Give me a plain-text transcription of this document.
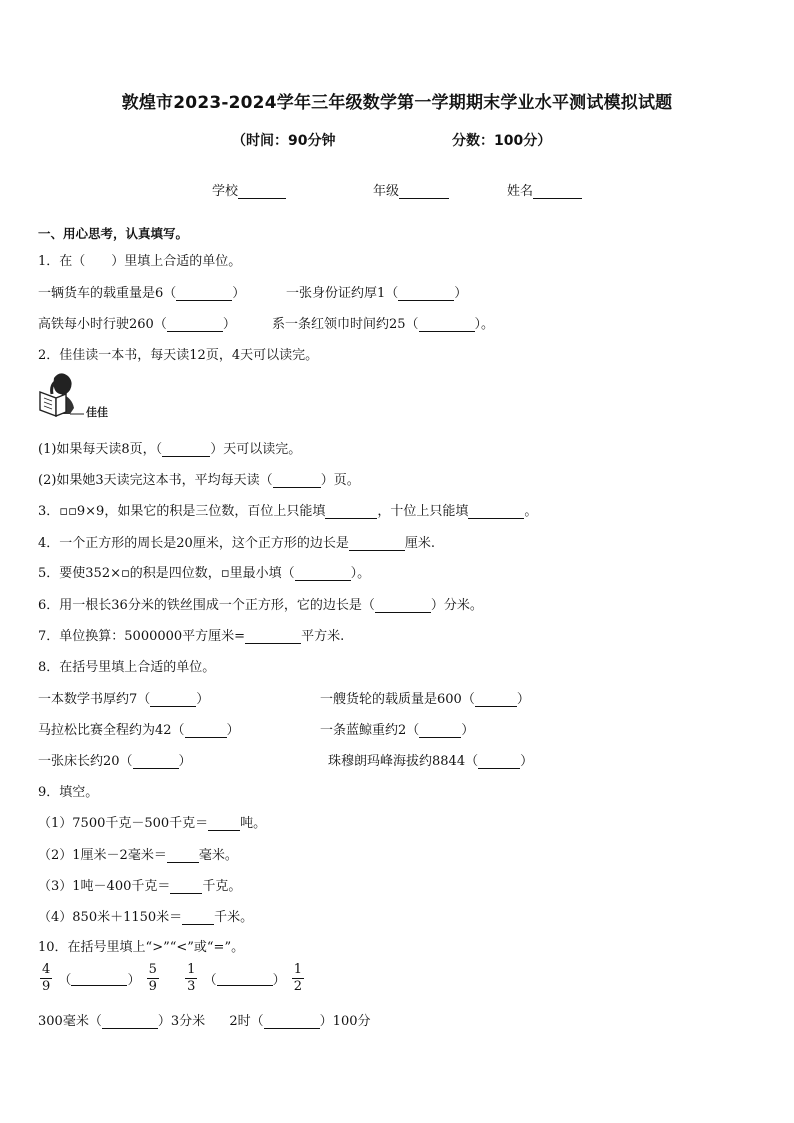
敦煌市2023-2024学年三年级数学第一学期期末学业水平测试模拟试题
（时间：90分钟	分数：100分）
学校	年级	姓名
一、用心思考，认真填写。
1．在（　　）里填上合适的单位。
一辆货车的载重量是6（	）	一张身份证约厚1（	）
高铁每小时行驶260（	）	系一条红领巾时间约25（	）。
2．佳佳读一本书，每天读12页，4天可以读完。
佳佳
(1)如果每天读8页，（	）天可以读完。
(2)如果她3天读完这本书，平均每天读（	）页。
3．▫▫9×9，如果它的积是三位数，百位上只能填	，十位上只能填	。
4．一个正方形的周长是20厘米，这个正方形的边长是	厘米.
5．要使352×▫的积是四位数，▫里最小填（	）。
6．用一根长36分米的铁丝围成一个正方形，它的边长是（	）分米。
7．单位换算：5000000平方厘米=	平方米.
8．在括号里填上合适的单位。
一本数学书厚约7（	）	一艘货轮的载质量是600（	）
马拉松比赛全程约为42（	）	一条蓝鲸重约2（	）
一张床长约20（	）	珠穆朗玛峰海拔约8844（	）
9．填空。
（1）7500千克－500千克＝ 吨。
（2）1厘米－2毫米＝ 毫米。
（3）1吨－400千克＝ 千克。
（4）850米＋1150米＝ 千米。
10．在括号里填上“>”“<”或“=”。
$\frac{4}{9}$ （	） $\frac{5}{9}$
$\frac{1}{3}$ （	） $\frac{1}{2}$
300毫米（	）3分米 2时（	）100分
